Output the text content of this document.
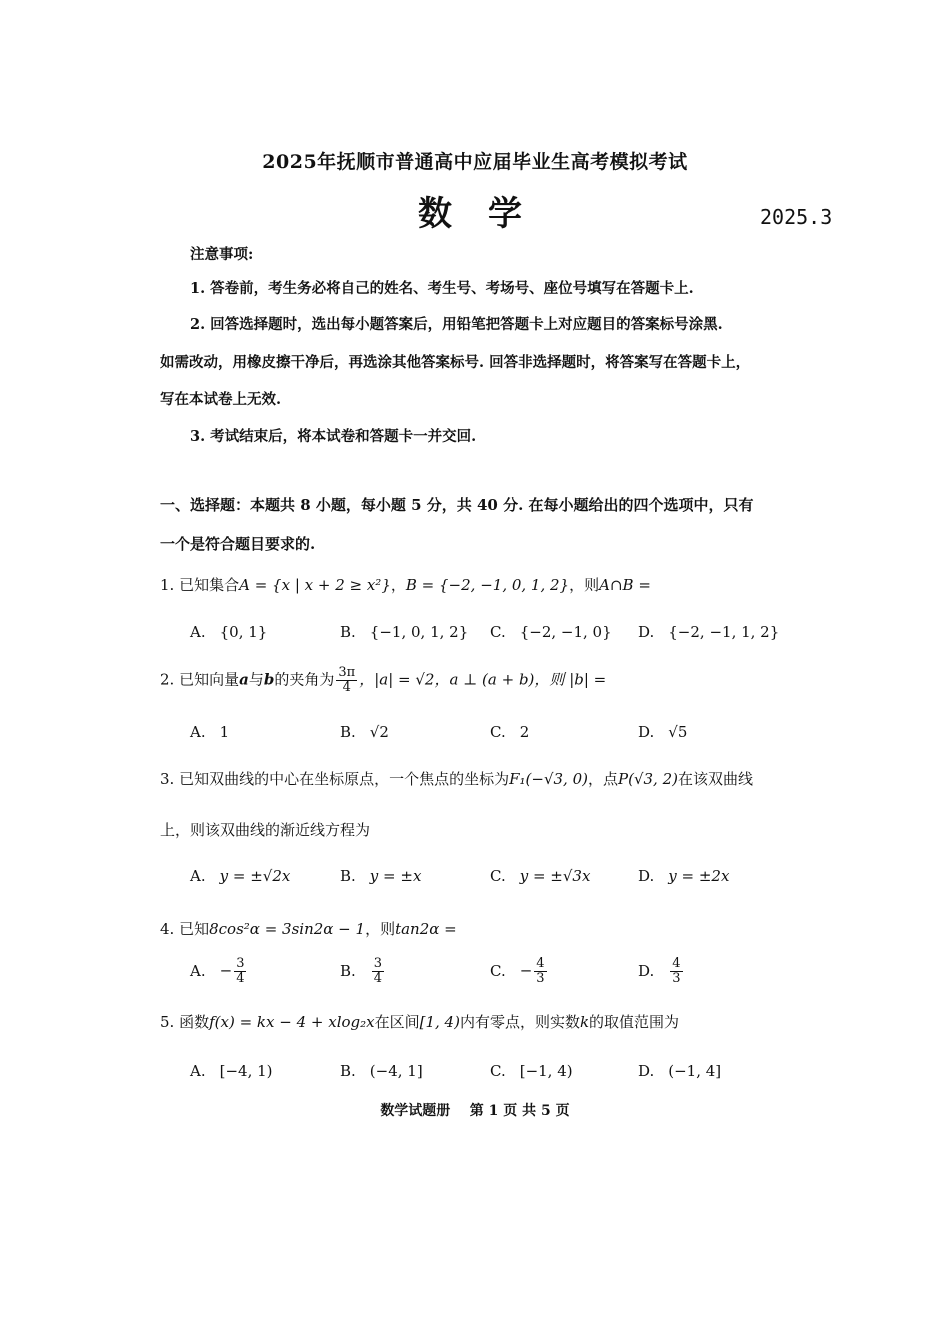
2025年抚顺市普通高中应届毕业生高考模拟考试
数学	2025.3
注意事项:
1. 答卷前，考生务必将自己的姓名、考生号、考场号、座位号填写在答题卡上.
2. 回答选择题时，选出每小题答案后，用铅笔把答题卡上对应题目的答案标号涂黑.
如需改动，用橡皮擦干净后，再选涂其他答案标号. 回答非选择题时，将答案写在答题卡上，
写在本试卷上无效.
3. 考试结束后，将本试卷和答题卡一并交回.
一、选择题：本题共 8 小题，每小题 5 分，共 40 分. 在每小题给出的四个选项中，只有
一个是符合题目要求的.
1. 已知集合A = {x | x + 2 ≥ x²}，B = {−2, −1, 0, 1, 2}，则A∩B =
A. {0, 1}	B. {−1, 0, 1, 2} C. {−2, −1, 0} D. {−2, −1, 1, 2}
2. 已知向量a与b的夹角为 $\frac{3\pi}{4}$ ，|a| = √2，a ⊥ (a + b)，则 |b| =
A. 1	B. √2	C. 2	D. √5
3. 已知双曲线的中心在坐标原点，一个焦点的坐标为F₁(−√3, 0)，点P(√3, 2)在该双曲线
上，则该双曲线的渐近线方程为
A. y = ±√2x	B. y = ±x	C. y = ±√3x	D. y = ±2x
4. 已知8cos²α = 3sin2α − 1，则tan2α =
A. − $\frac{3}{4}$	B. $\frac{3}{4}$	C. − $\frac{4}{3}$	D. $\frac{4}{3}$
5. 函数f(x) = kx − 4 + xlog₂x在区间[1, 4)内有零点，则实数k的取值范围为
A. [−4, 1)	B. (−4, 1]	C. [−1, 4)	D. (−1, 4]
数学试题册    第 1 页 共 5 页
